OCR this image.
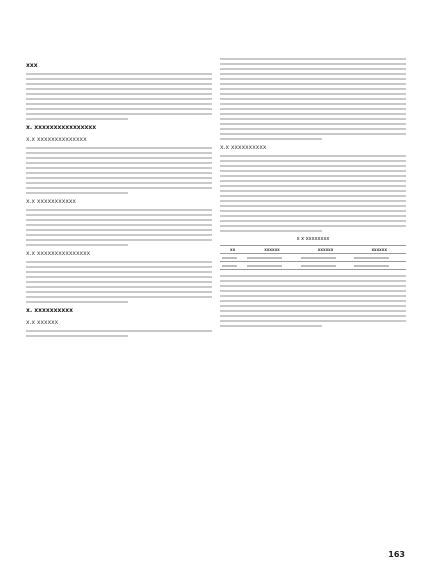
xxx
x. xxxxxxxxxxxxxxxx
x.x xxxxxxxxxxxxxx
x.x xxxxxxxxxxx
x.x xxxxxxxxxxxxxxx
x. xxxxxxxxxx
x.x xxxxxx
x.x xxxxxxxxxx
x x xxxxxxxx
xx	xxxxxx	xxxxxx	xxxxxx

163
